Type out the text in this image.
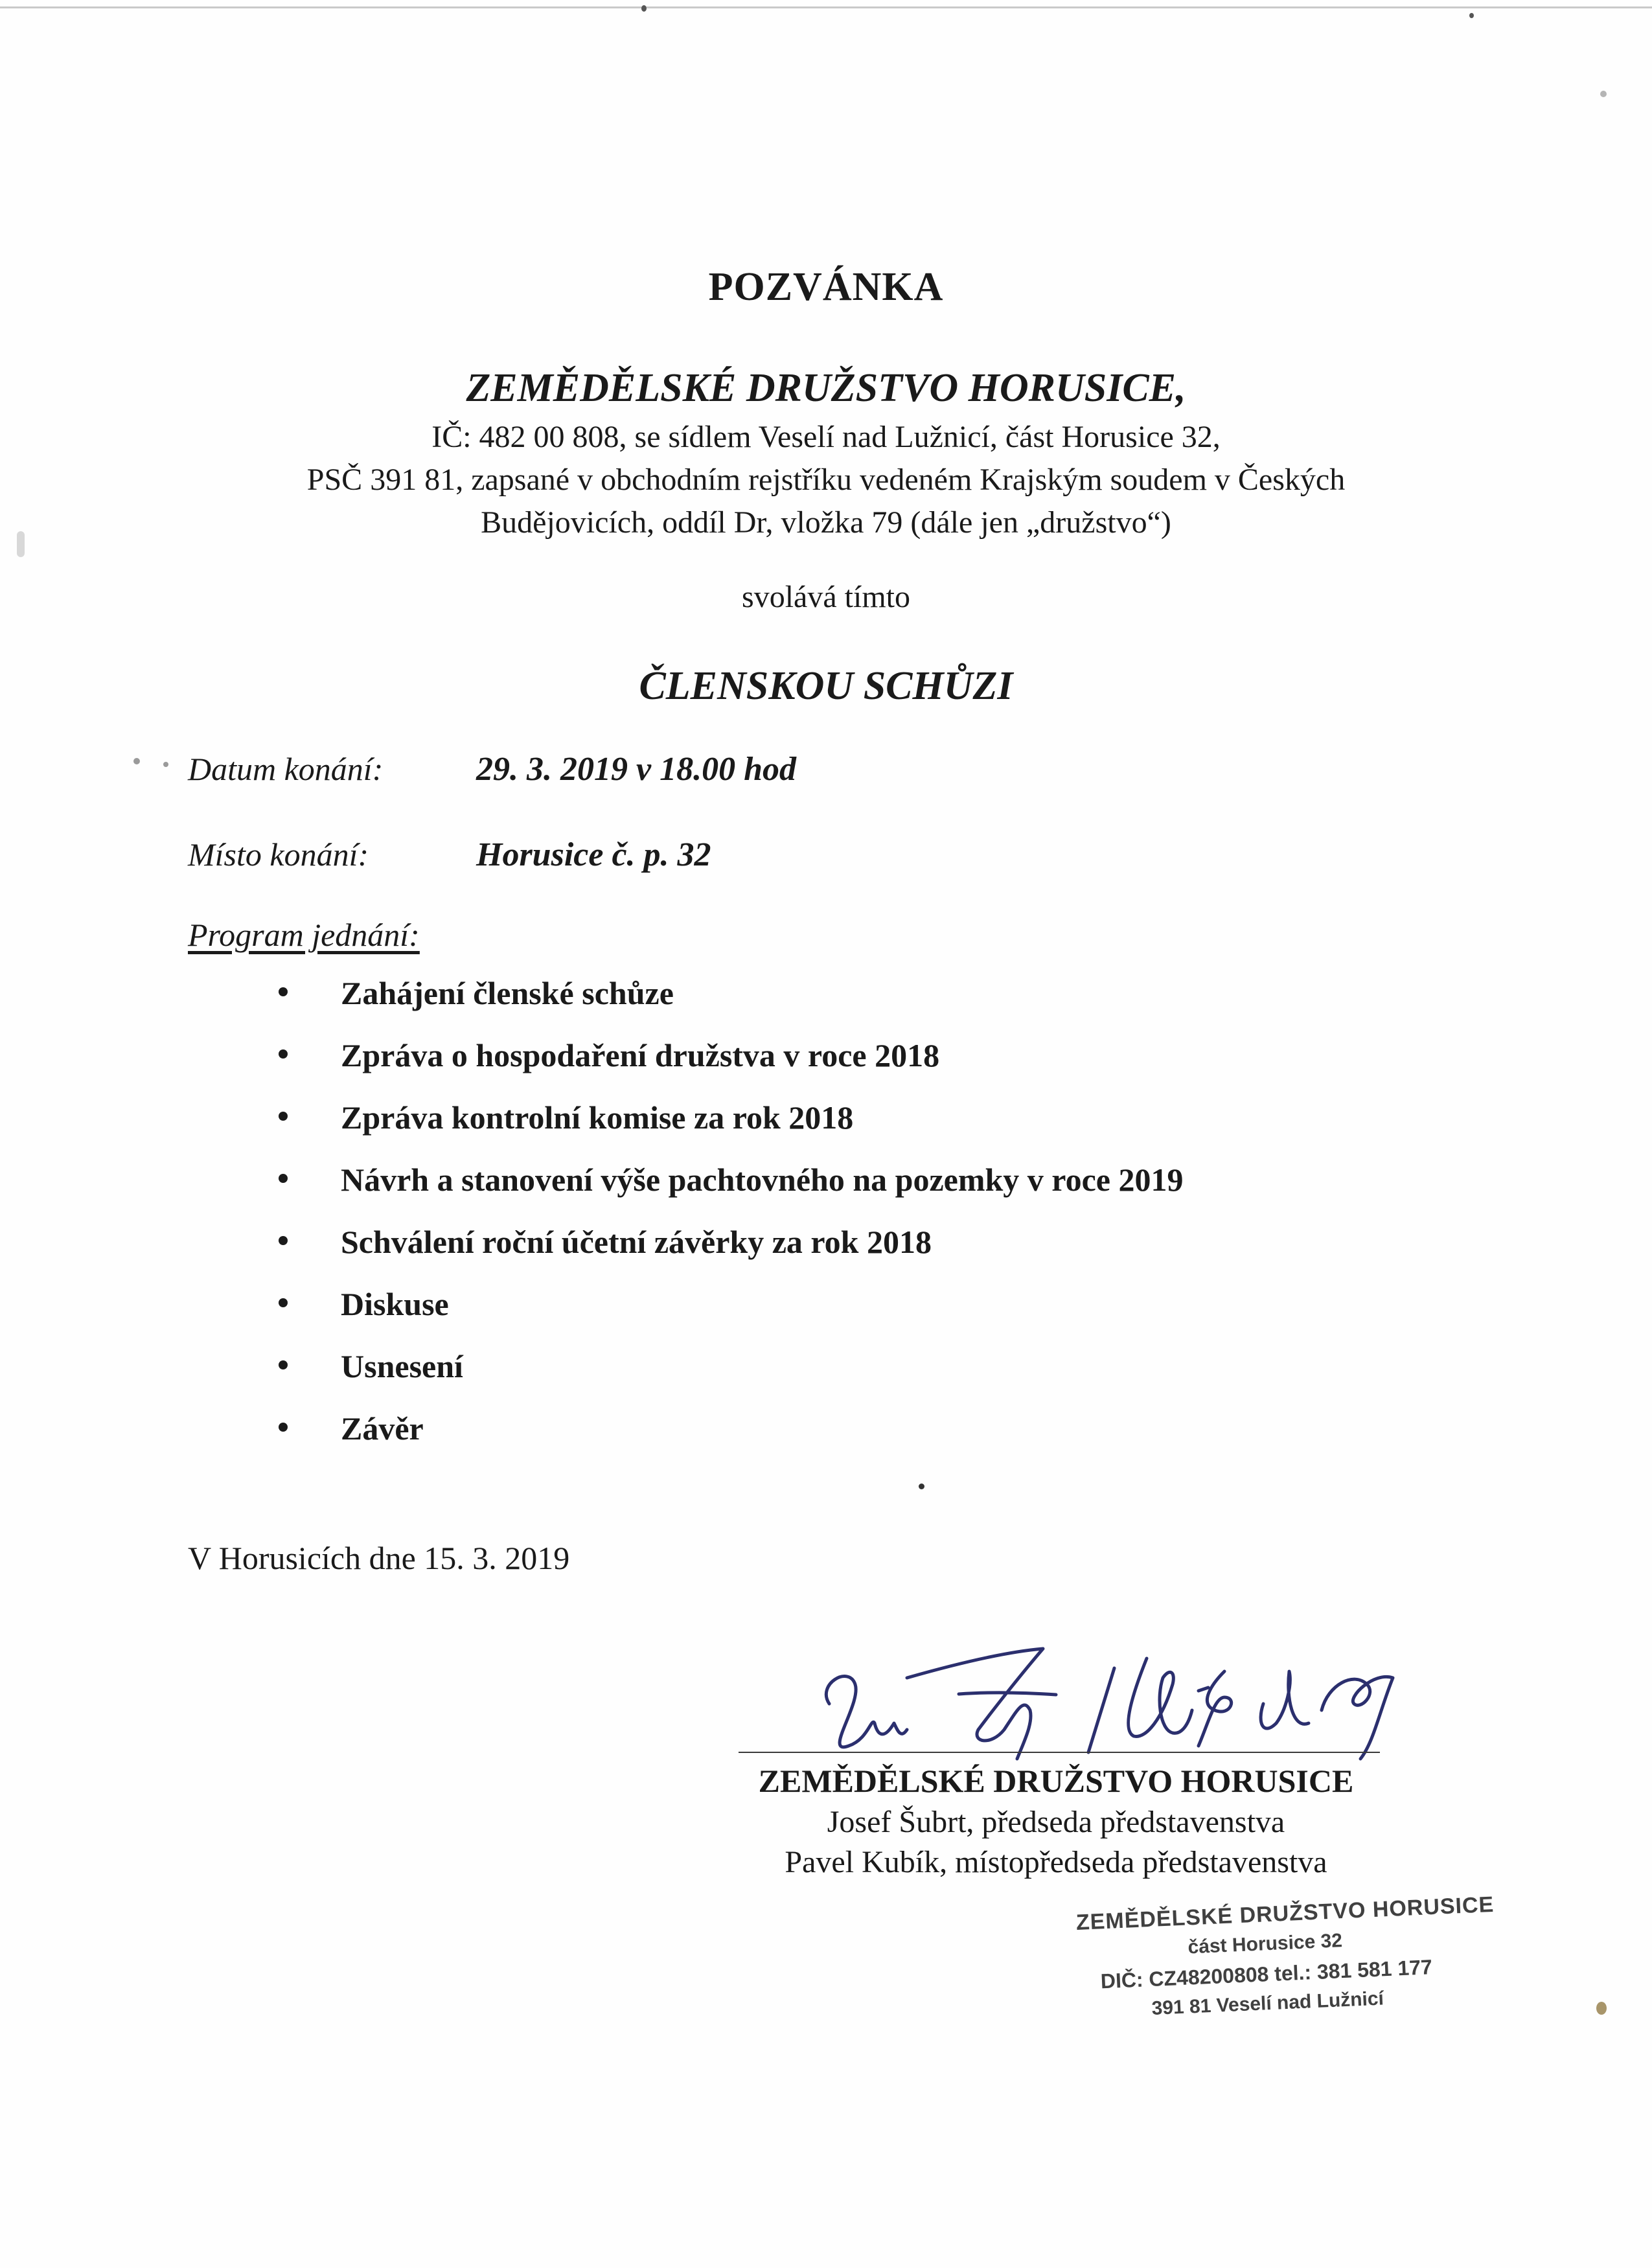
POZVÁNKA
ZEMĚDĚLSKÉ DRUŽSTVO HORUSICE,
IČ: 482 00 808, se sídlem Veselí nad Lužnicí, část Horusice 32,
PSČ 391 81, zapsané v obchodním rejstříku vedeném Krajským soudem v Českých
Budějovicích, oddíl Dr, vložka 79 (dále jen „družstvo“)
svolává tímto
ČLENSKOU SCHŮZI
Datum konání:	29. 3. 2019 v 18.00 hod
Místo konání:	Horusice č. p. 32
Program jednání:
Zahájení členské schůze
Zpráva o hospodaření družstva v roce 2018
Zpráva kontrolní komise za rok 2018
Návrh a stanovení výše pachtovného na pozemky v roce 2019
Schválení roční účetní závěrky za rok 2018
Diskuse
Usnesení
Závěr
V Horusicích dne 15. 3. 2019
ZEMĚDĚLSKÉ DRUŽSTVO HORUSICE
Josef Šubrt, předseda představenstva
Pavel Kubík, místopředseda představenstva
ZEMĚDĚLSKÉ DRUŽSTVO HORUSICE
část Horusice 32
DIČ: CZ48200808 tel.: 381 581 177
391 81 Veselí nad Lužnicí
